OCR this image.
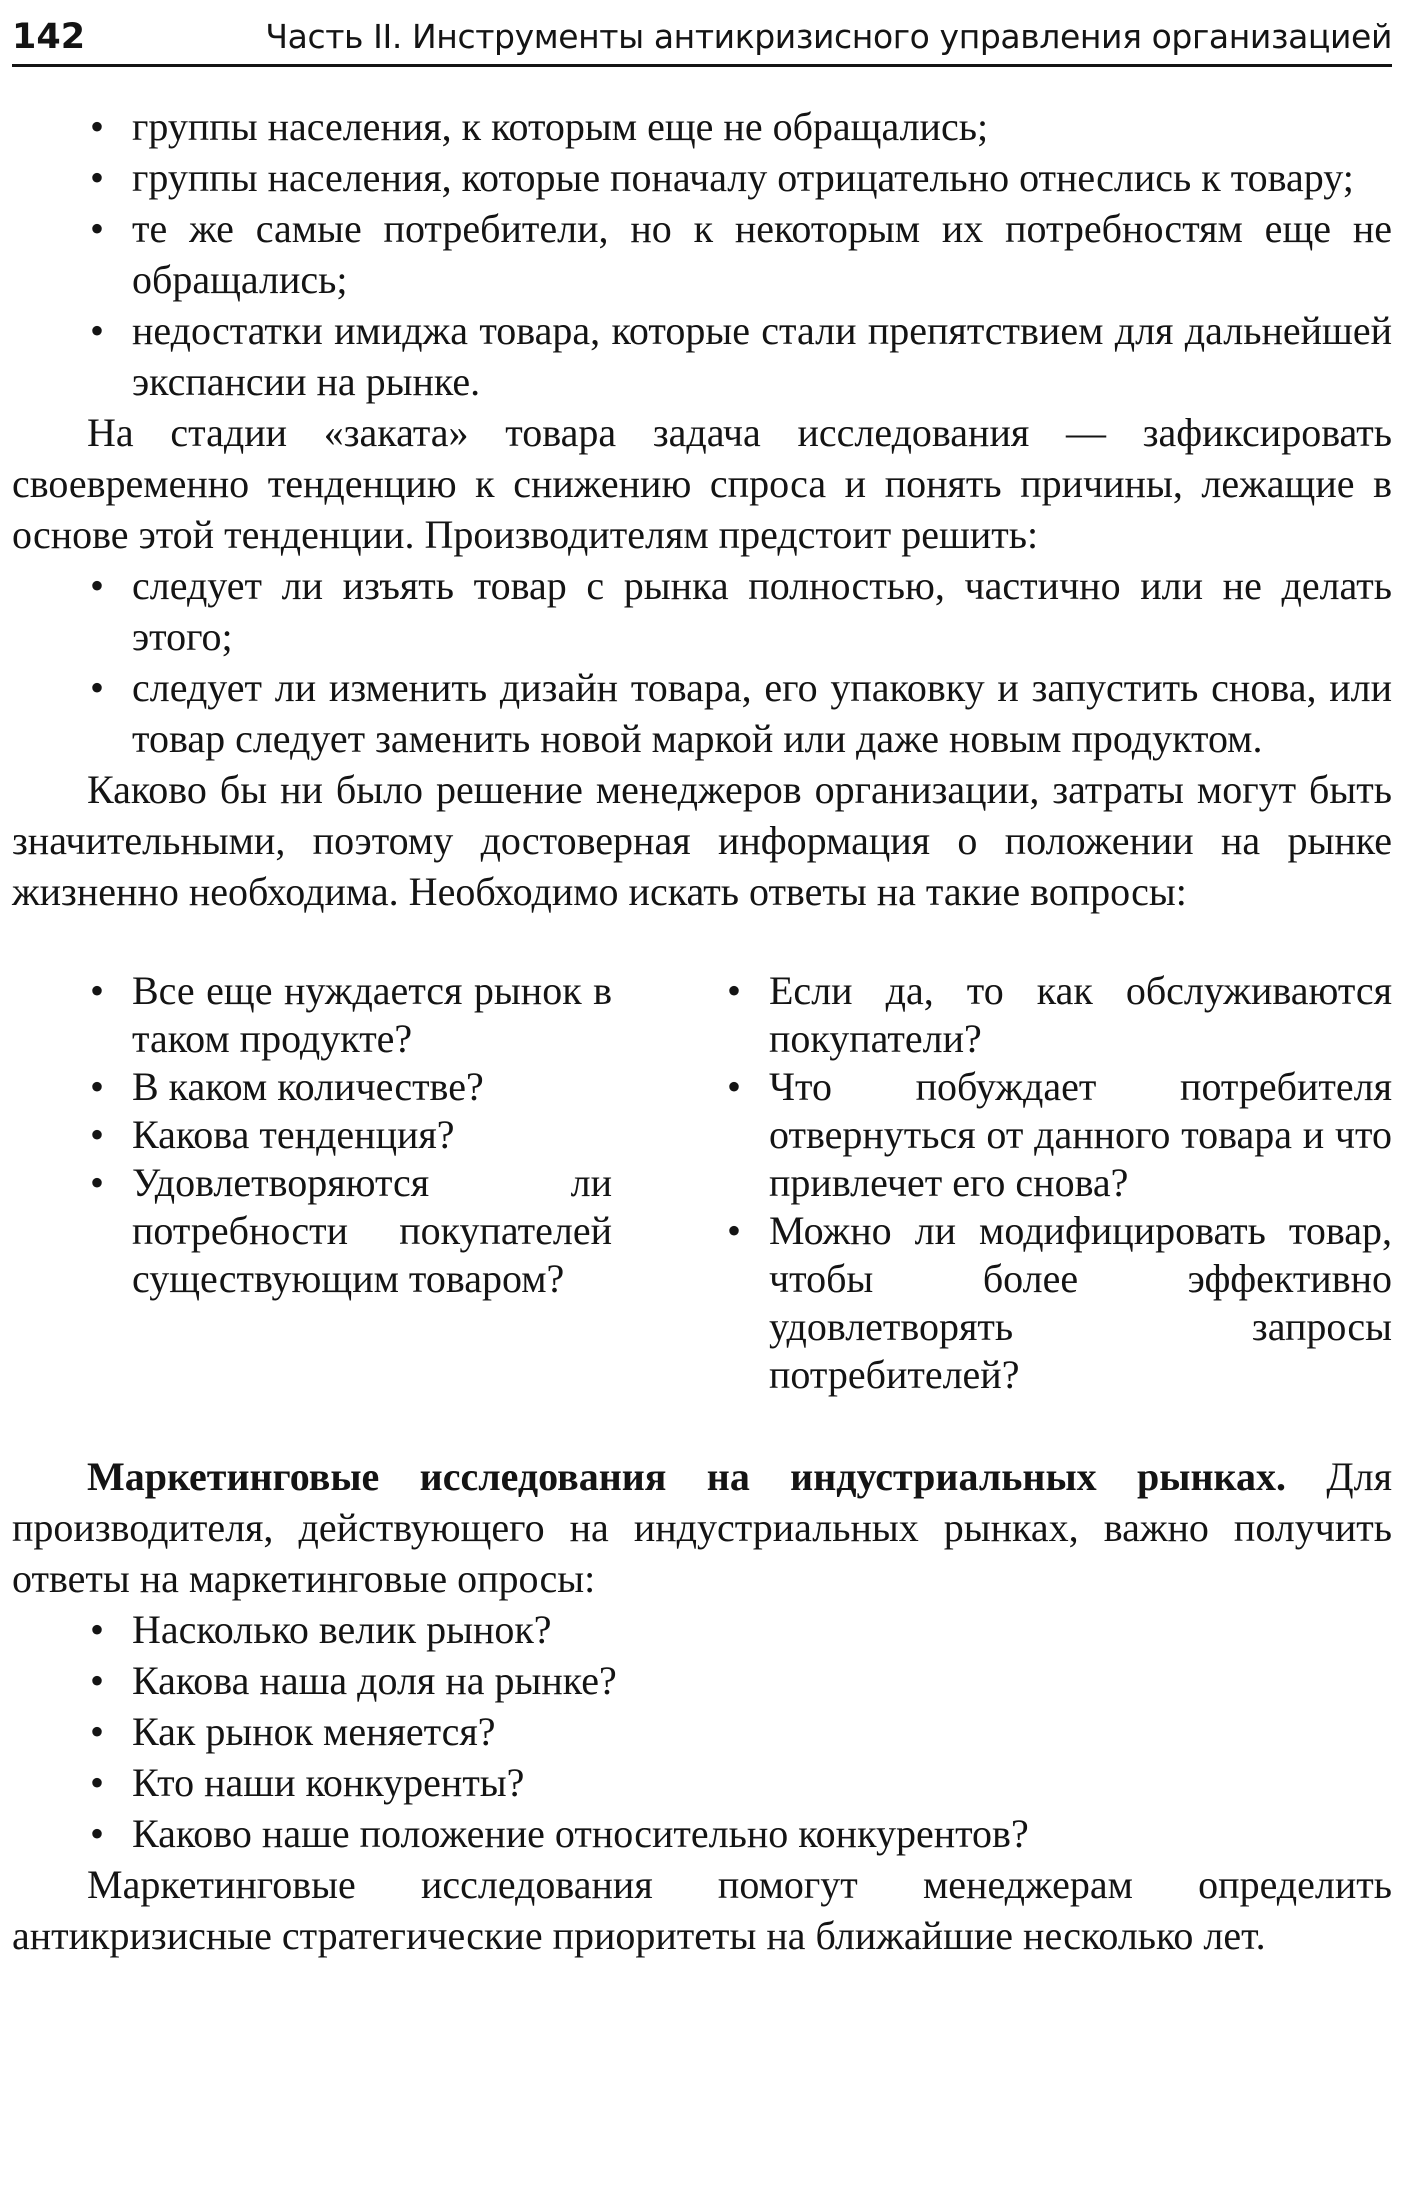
142	Часть II. Инструменты антикризисного управления организацией
• группы населения, к которым еще не обращались;
• группы населения, которые поначалу отрицательно отнеслись к товару;
• те же самые потребители, но к некоторым их потребностям еще не обращались;
• недостатки имиджа товара, которые стали препятствием для дальнейшей экспансии на рынке.

На стадии «заката» товара задача исследования — зафиксировать своевременно тенденцию к снижению спроса и понять причины, лежащие в основе этой тенденции. Производителям предстоит решить:

• следует ли изъять товар с рынка полностью, частично или не делать этого;
• следует ли изменить дизайн товара, его упаковку и запустить снова, или товар следует заменить новой маркой или даже новым продуктом.

Каково бы ни было решение менеджеров организации, затраты могут быть значительными, поэтому достоверная информация о положении на рынке жизненно необходима. Необходимо искать ответы на такие вопросы:

• Все еще нуждается рынок в таком продукте?
• В каком количестве?
• Какова тенденция?
• Удовлетворяются ли потребности покупателей существующим товаром?
• Если да, то как обслуживаются покупатели?
• Что побуждает потребителя отвернуться от данного товара и что привлечет его снова?
• Можно ли модифицировать товар, чтобы более эффективно удовлетворять запросы потребителей?

Маркетинговые исследования на индустриальных рынках. Для производителя, действующего на индустриальных рынках, важно получить ответы на маркетинговые опросы:

• Насколько велик рынок?
• Какова наша доля на рынке?
• Как рынок меняется?
• Кто наши конкуренты?
• Каково наше положение относительно конкурентов?

Маркетинговые исследования помогут менеджерам определить антикризисные стратегические приоритеты на ближайшие несколько лет.
